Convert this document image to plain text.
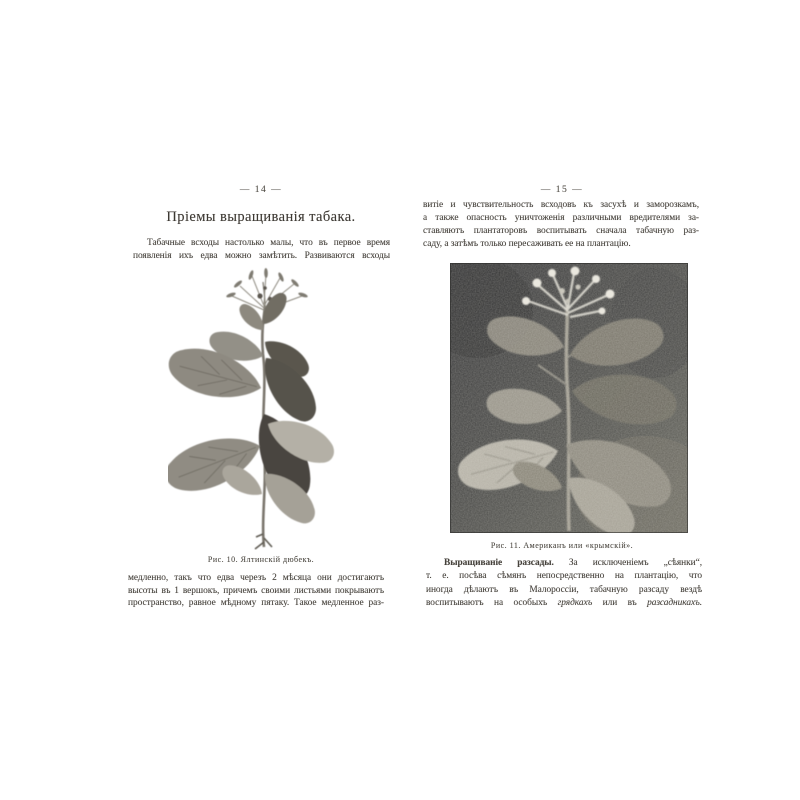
— 14 —
Пріемы выращиванія табака.
Табачные всходы настолько малы, что въ первое время
появленія ихъ едва можно замѣтить. Развиваются всходы
Рис. 10. Ялтинскій дюбекъ.
медленно, такъ что едва черезъ 2 мѣсяца они достигаютъ
высоты въ 1 вершокъ, причемъ своими листьями покрываютъ
пространство, равное мѣдному пятаку. Такое медленное раз-
— 15 —
витіе и чувствительность всходовъ къ засухѣ и заморозкамъ,
а также опасность уничтоженія различными вредителями за-
ставляютъ плантаторовъ воспитывать сначала табачную раз-
саду, а затѣмъ только пересаживать ее на плантацію.
Рис. 11. Американъ или «крымскій».
Выращиваніе разсады. За исключеніемъ „сѣянки“,
т. е. посѣва сѣмянъ непосредственно на плантацію, что
иногда дѣлаютъ въ Малороссіи, табачную разсаду вездѣ
воспитываютъ на особыхъ грядкахъ или въ разсадникахъ.
